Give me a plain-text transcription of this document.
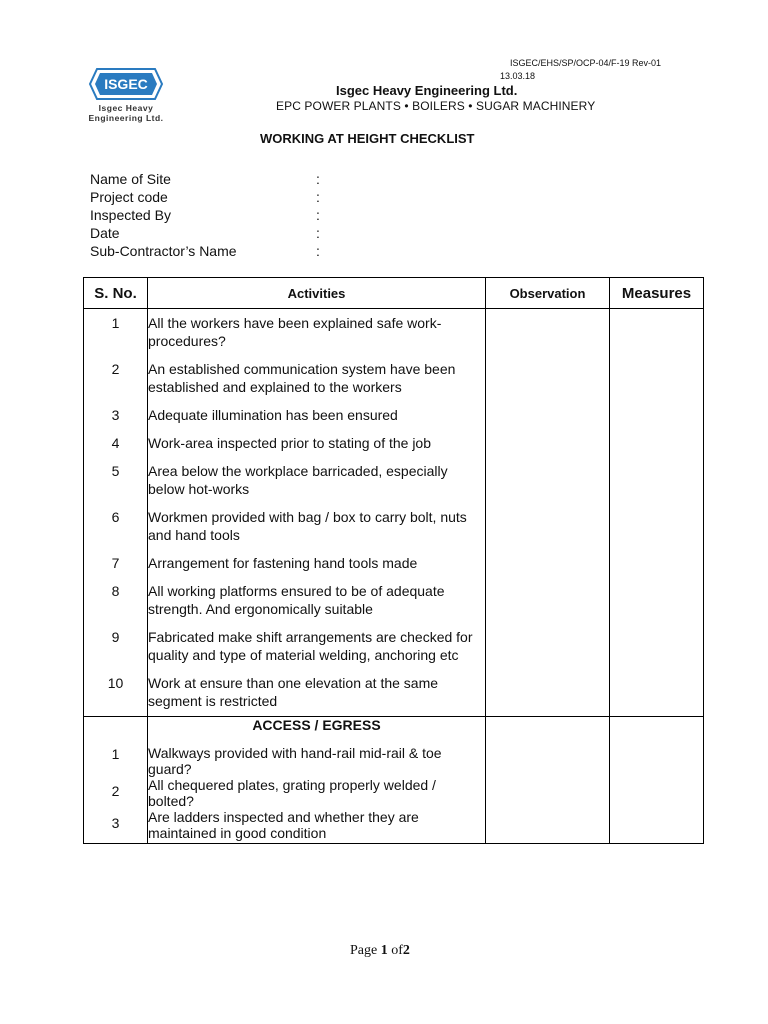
ISGEC/EHS/SP/OCP-04/F-19 Rev-01
13.03.18
ISGEC
Isgec Heavy
Engineering Ltd.
Isgec Heavy Engineering Ltd.
EPC POWER PLANTS • BOILERS • SUGAR MACHINERY
WORKING AT HEIGHT CHECKLIST
Name of Site	:
Project code	:
Inspected By	:
Date	:
Sub-Contractor’s Name	:
S. No.	Activities	Observation	Measures
1	All the workers have been explained safe work-procedures?		
2	An established communication system have been established and explained to the workers		
3	Adequate illumination has been ensured		
4	Work-area inspected prior to stating of the job		
5	Area below the workplace barricaded, especially below hot-works		
6	Workmen provided with bag / box to carry bolt, nuts and hand tools		
7	Arrangement for fastening hand tools made		
8	All working platforms ensured to be of adequate strength. And ergonomically suitable		
9	Fabricated make shift arrangements are checked for quality and type of material welding, anchoring etc		
10	Work at ensure than one elevation at the same segment is restricted		
	ACCESS / EGRESS		
1	Walkways provided with hand-rail mid-rail & toe guard?		
2	All chequered plates, grating properly welded / bolted?		
3	Are ladders inspected and whether they are maintained in good condition		
Page 1 of2
